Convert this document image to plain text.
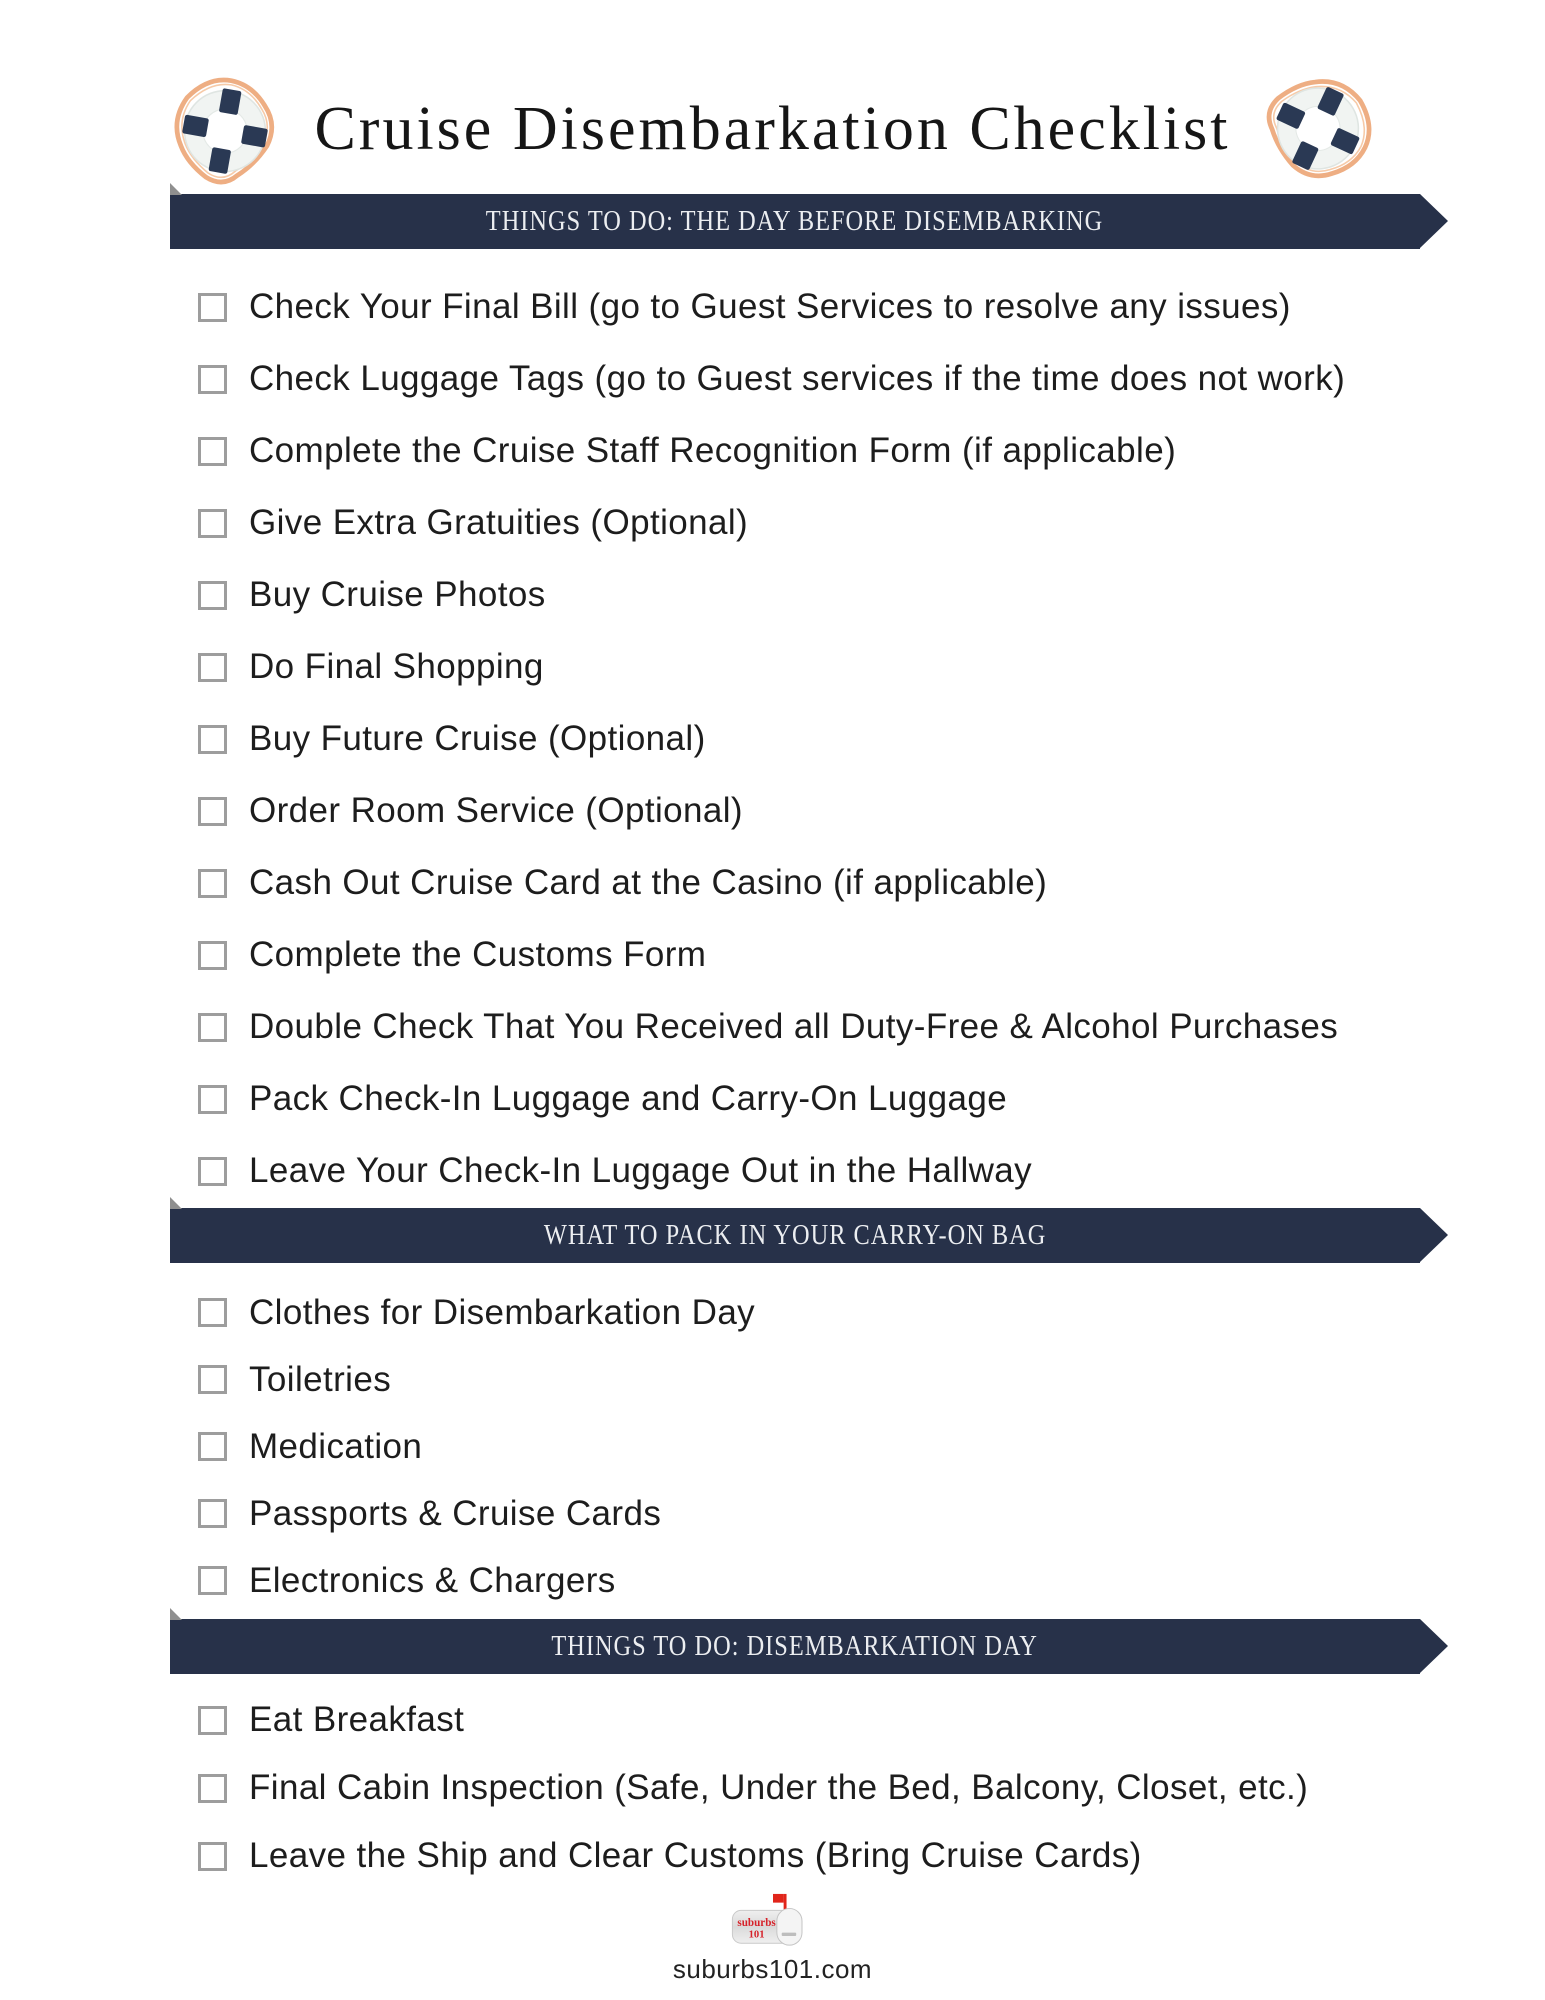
Cruise Disembarkation Checklist
THINGS TO DO: THE DAY BEFORE DISEMBARKING
Check Your Final Bill (go to Guest Services to resolve any issues)
Check Luggage Tags (go to Guest services if the time does not work)
Complete the Cruise Staff Recognition Form (if applicable)
Give Extra Gratuities (Optional)
Buy Cruise Photos
Do Final Shopping
Buy Future Cruise (Optional)
Order Room Service (Optional)
Cash Out Cruise Card at the Casino (if applicable)
Complete the Customs Form
Double Check That You Received all Duty-Free & Alcohol Purchases
Pack Check-In Luggage and Carry-On Luggage
Leave Your Check-In Luggage Out in the Hallway
WHAT TO PACK IN YOUR CARRY-ON BAG
Clothes for Disembarkation Day
Toiletries
Medication
Passports & Cruise Cards
Electronics & Chargers
THINGS TO DO: DISEMBARKATION DAY
Eat Breakfast
Final Cabin Inspection (Safe, Under the Bed, Balcony, Closet, etc.)
Leave the Ship and Clear Customs (Bring Cruise Cards)
suburbs
101
suburbs101.com
